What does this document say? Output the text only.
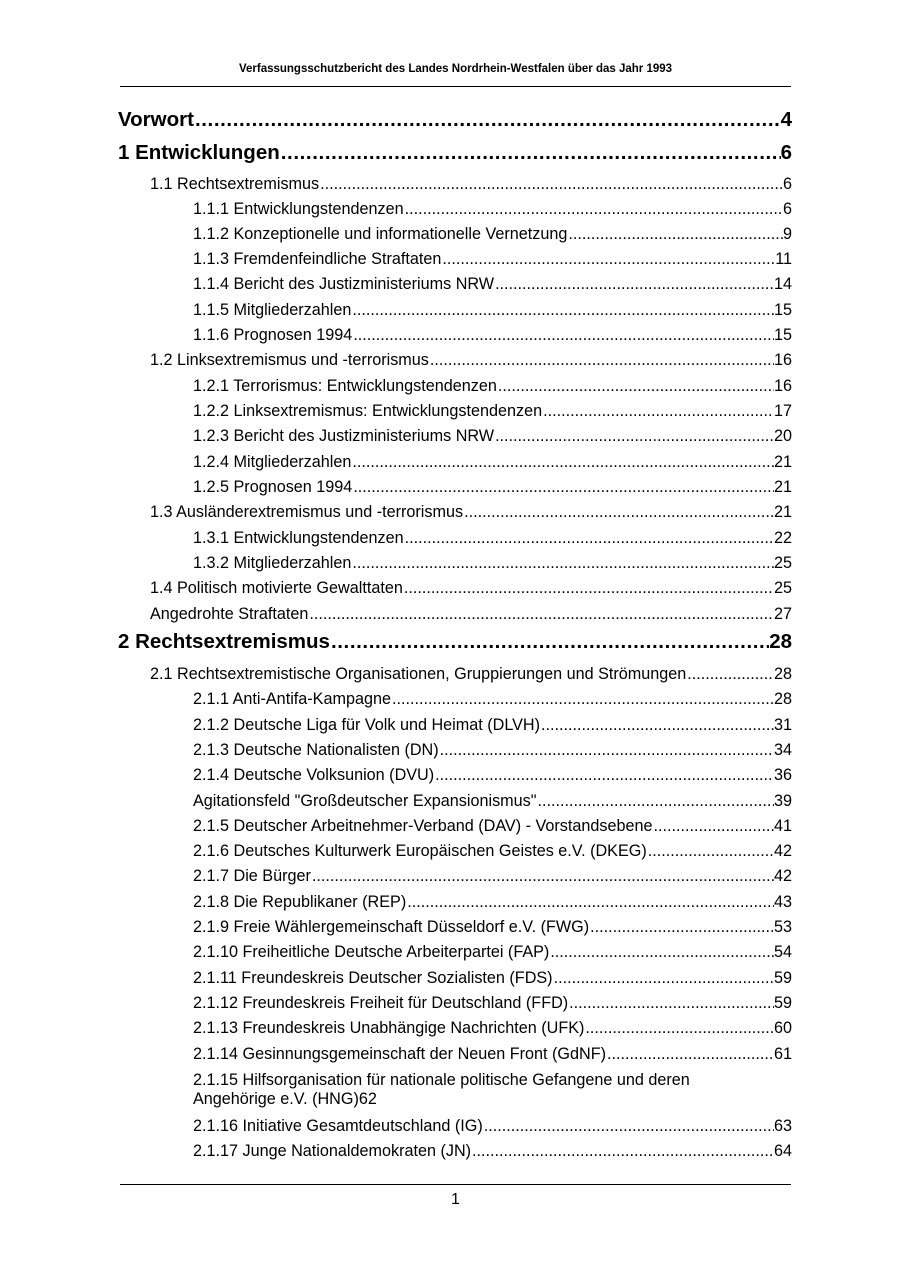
Verfassungsschutzbericht des Landes Nordrhein-Westfalen über das Jahr 1993
Vorwort .....	4
1 Entwicklungen .....	6
1.1 Rechtsextremismus .....	6
1.1.1 Entwicklungstendenzen .....	6
1.1.2 Konzeptionelle und informationelle Vernetzung .....	9
1.1.3 Fremdenfeindliche Straftaten .....	11
1.1.4 Bericht des Justizministeriums NRW .....	14
1.1.5 Mitgliederzahlen .....	15
1.1.6 Prognosen 1994 .....	15
1.2 Linksextremismus und -terrorismus .....	16
1.2.1 Terrorismus: Entwicklungstendenzen .....	16
1.2.2 Linksextremismus: Entwicklungstendenzen .....	17
1.2.3 Bericht des Justizministeriums NRW .....	20
1.2.4 Mitgliederzahlen .....	21
1.2.5 Prognosen 1994 .....	21
1.3 Ausländerextremismus und -terrorismus .....	21
1.3.1 Entwicklungstendenzen .....	22
1.3.2 Mitgliederzahlen .....	25
1.4 Politisch motivierte Gewalttaten .....	25
Angedrohte Straftaten .....	27
2 Rechtsextremismus .....	28
2.1 Rechtsextremistische Organisationen, Gruppierungen und Strömungen .....	28
2.1.1 Anti-Antifa-Kampagne .....	28
2.1.2 Deutsche Liga für Volk und Heimat (DLVH) .....	31
2.1.3 Deutsche Nationalisten (DN) .....	34
2.1.4 Deutsche Volksunion (DVU) .....	36
Agitationsfeld "Großdeutscher Expansionismus" .....	39
2.1.5 Deutscher Arbeitnehmer-Verband (DAV) - Vorstandsebene .....	41
2.1.6 Deutsches Kulturwerk Europäischen Geistes e.V. (DKEG) .....	42
2.1.7 Die Bürger .....	42
2.1.8 Die Republikaner (REP) .....	43
2.1.9 Freie Wählergemeinschaft Düsseldorf e.V. (FWG) .....	53
2.1.10 Freiheitliche Deutsche Arbeiterpartei (FAP) .....	54
2.1.11 Freundeskreis Deutscher Sozialisten (FDS) .....	59
2.1.12 Freundeskreis Freiheit für Deutschland (FFD) .....	59
2.1.13 Freundeskreis Unabhängige Nachrichten (UFK) .....	60
2.1.14 Gesinnungsgemeinschaft der Neuen Front (GdNF) .....	61
2.1.15 Hilfsorganisation für nationale politische Gefangene und deren
Angehörige e.V. (HNG) 62
2.1.16 Initiative Gesamtdeutschland (IG) .....	63
2.1.17 Junge Nationaldemokraten (JN) .....	64
1
